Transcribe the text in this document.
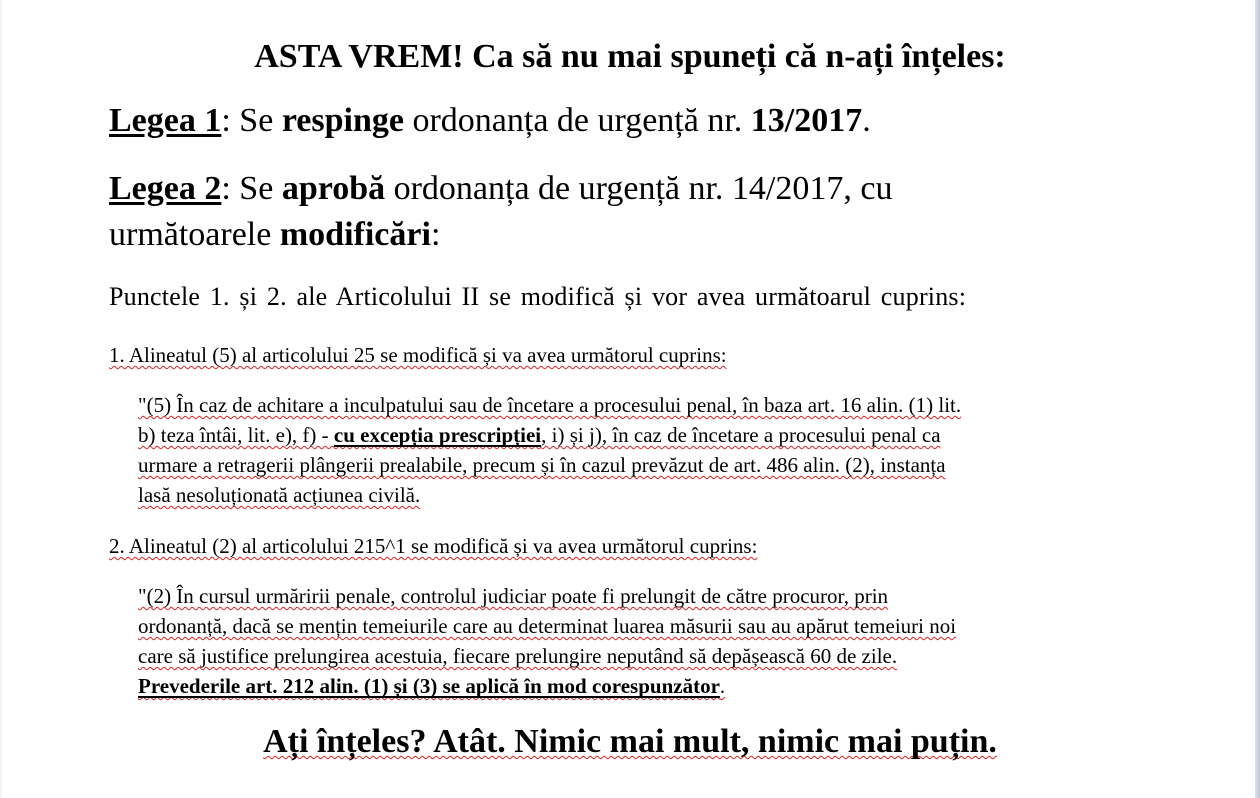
ASTA VREM! Ca să nu mai spuneți că n-ați înțeles:
Legea 1: Se respinge ordonanța de urgență nr. 13/2017.
Legea 2: Se aprobă ordonanța de urgență nr. 14/2017, cu
următoarele modificări:
Punctele 1. și 2. ale Articolului II se modifică și vor avea următoarul cuprins:
1. Alineatul (5) al articolului 25 se modifică și va avea următorul cuprins:
"(5) În caz de achitare a inculpatului sau de încetare a procesului penal, în baza art. 16 alin. (1) lit.
b) teza întâi, lit. e), f) - cu excepția prescripției, i) și j), în caz de încetare a procesului penal ca
urmare a retragerii plângerii prealabile, precum și în cazul prevăzut de art. 486 alin. (2), instanța
lasă nesoluționată acțiunea civilă.
2. Alineatul (2) al articolului 215^1 se modifică și va avea următorul cuprins:
"(2) În cursul urmăririi penale, controlul judiciar poate fi prelungit de către procuror, prin
ordonanță, dacă se mențin temeiurile care au determinat luarea măsurii sau au apărut temeiuri noi
care să justifice prelungirea acestuia, fiecare prelungire neputând să depășească 60 de zile.
Prevederile art. 212 alin. (1) și (3) se aplică în mod corespunzător.
Ați înțeles? Atât. Nimic mai mult, nimic mai puțin.
